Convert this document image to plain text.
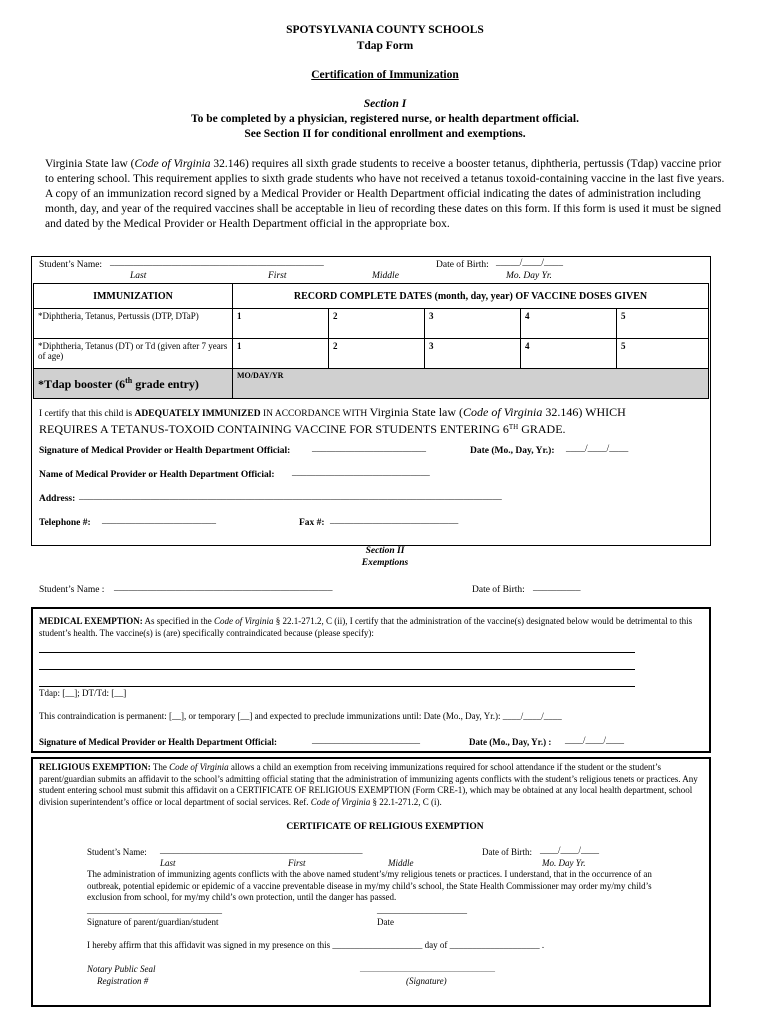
SPOTSYLVANIA COUNTY SCHOOLS
Tdap Form
Certification of Immunization
Section I
To be completed by a physician, registered nurse, or health department official.
See Section II for conditional enrollment and exemptions.
Virginia State law (Code of Virginia 32.146) requires all sixth grade students to receive a booster tetanus, diphtheria, pertussis (Tdap) vaccine prior to entering school. This requirement applies to sixth grade students who have not received a tetanus toxoid-containing vaccine in the last five years. A copy of an immunization record signed by a Medical Provider or Health Department official indicating the dates of administration including month, day, and year of the required vaccines shall be acceptable in lieu of recording these dates on this form. If this form is used it must be signed and dated by the Medical Provider or Health Department official in the appropriate box.
Student’s Name: _____________________________________________	Date of Birth: _____/____/____
Last	First	Middle	Mo. Day Yr.
IMMUNIZATION	RECORD COMPLETE DATES (month, day, year) OF VACCINE DOSES GIVEN				
*Diphtheria, Tetanus, Pertussis (DTP, DTaP)	1	2	3	4	5
*Diphtheria, Tetanus (DT) or Td (given after 7 years of age)	1	2	3	4	5
*Tdap booster (6th grade entry)	MO/DAY/YR				
I certify that this child is ADEQUATELY IMMUNIZED IN ACCORDANCE WITH Virginia State law (Code of Virginia 32.146) WHICH
REQUIRES A TETANUS-TOXOID CONTAINING VACCINE FOR STUDENTS ENTERING 6TH GRADE.
Signature of Medical Provider or Health Department Official: ________________________	Date (Mo., Day, Yr.): ____/____/____
Name of Medical Provider or Health Department Official: _____________________________
Address: _________________________________________________________________________________________
Telephone #: ________________________	Fax #: ___________________________
Section II
Exemptions
Student’s Name : ______________________________________________	Date of Birth: __________
MEDICAL EXEMPTION: As specified in the Code of Virginia § 22.1-271.2, C (ii), I certify that the administration of the vaccine(s) designated below would be detrimental to this student’s health. The vaccine(s) is (are) specifically contraindicated because (please specify):
Tdap: [__]; DT/Td: [__]
This contraindication is permanent: [__], or temporary [__] and expected to preclude immunizations until: Date (Mo., Day, Yr.): ____/____/____
Signature of Medical Provider or Health Department Official:	________________________	Date (Mo., Day, Yr.) : ____/____/____
RELIGIOUS EXEMPTION: The Code of Virginia allows a child an exemption from receiving immunizations required for school attendance if the student or the student’s parent/guardian submits an affidavit to the school’s admitting official stating that the administration of immunizing agents conflicts with the student’s religious tenets or practices. Any student entering school must submit this affidavit on a CERTIFICATE OF RELIGIOUS EXEMPTION (Form CRE-1), which may be obtained at any local health department, school division superintendent’s office or local department of social services. Ref. Code of Virginia § 22.1-271.2, C (i).
CERTIFICATE OF RELIGIOUS EXEMPTION
Student’s Name: _____________________________________________	Date of Birth: ____/____/____
Last	First	Middle	Mo. Day Yr.
The administration of immunizing agents conflicts with the above named student’s/my religious tenets or practices. I understand, that in the occurrence of an outbreak, potential epidemic or epidemic of a vaccine preventable disease in my/my child’s school, the State Health Commissioner may order my/my child’s exclusion from school, for my/my child’s own protection, until the danger has passed.
______________________________	____________________
Signature of parent/guardian/student	Date
I hereby affirm that this affidavit was signed in my presence on this ____________________ day of ____________________ .
Notary Public Seal
Registration #
______________________________
(Signature)
